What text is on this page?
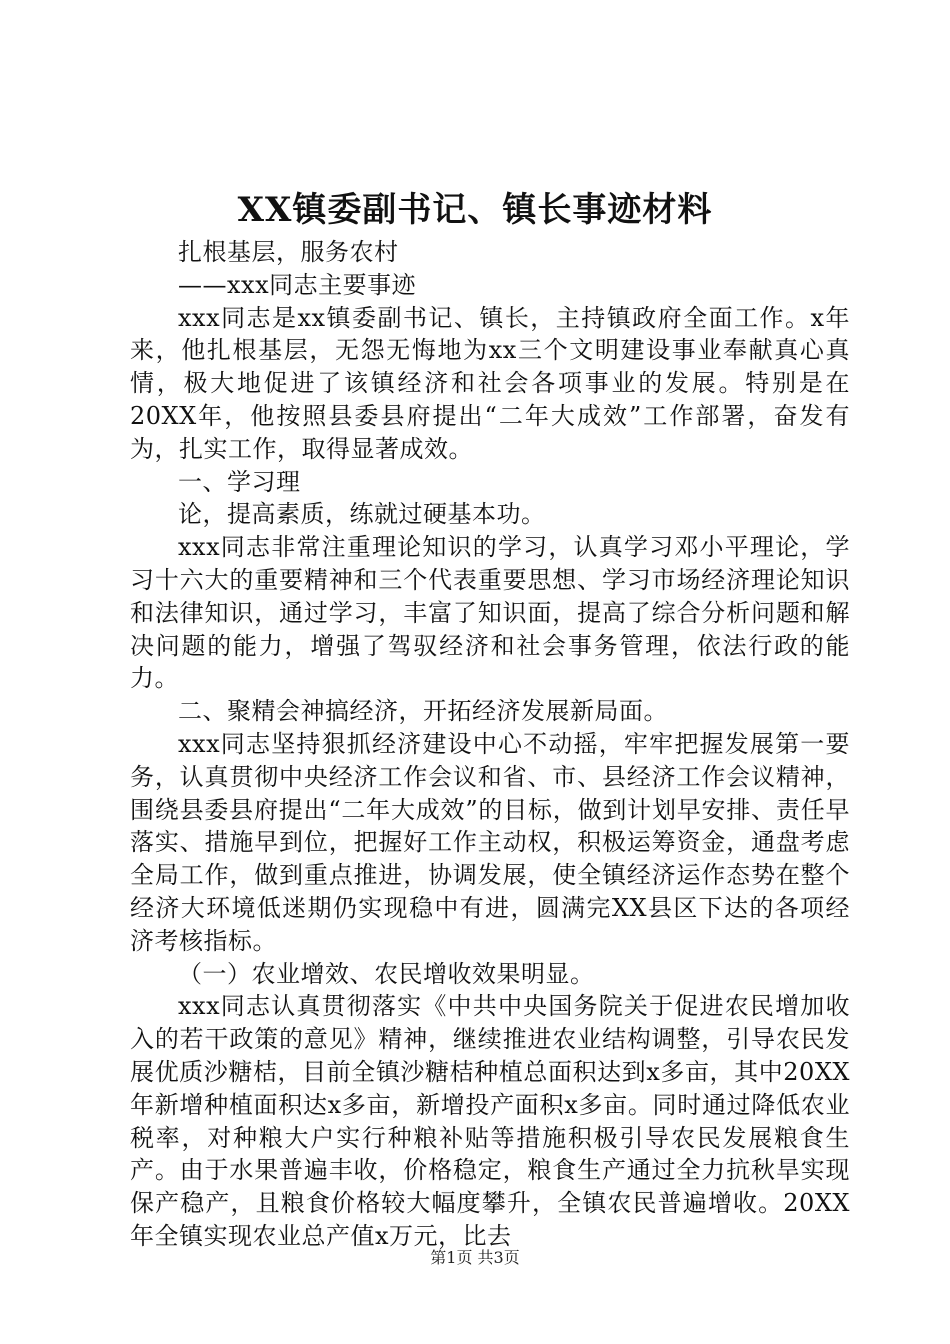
XX镇委副书记、镇长事迹材料

扎根基层，服务农村

——xxx同志主要事迹

xxx同志是xx镇委副书记、镇长，主持镇政府全面工作。x年来，他扎根基层，无怨无悔地为xx三个文明建设事业奉献真心真情，极大地促进了该镇经济和社会各项事业的发展。特别是在20XX年，他按照县委县府提出“二年大成效”工作部署，奋发有为，扎实工作，取得显著成效。

一、学习理

论，提高素质，练就过硬基本功。

xxx同志非常注重理论知识的学习，认真学习邓小平理论，学习十六大的重要精神和三个代表重要思想、学习市场经济理论知识和法律知识，通过学习，丰富了知识面，提高了综合分析问题和解决问题的能力，增强了驾驭经济和社会事务管理，依法行政的能力。

二、聚精会神搞经济，开拓经济发展新局面。

xxx同志坚持狠抓经济建设中心不动摇，牢牢把握发展第一要务，认真贯彻中央经济工作会议和省、市、县经济工作会议精神，围绕县委县府提出“二年大成效”的目标，做到计划早安排、责任早落实、措施早到位，把握好工作主动权，积极运筹资金，通盘考虑全局工作，做到重点推进，协调发展，使全镇经济运作态势在整个经济大环境低迷期仍实现稳中有进，圆满完XX县区下达的各项经济考核指标。

（一）农业增效、农民增收效果明显。

xxx同志认真贯彻落实《中共中央国务院关于促进农民增加收入的若干政策的意见》精神，继续推进农业结构调整，引导农民发展优质沙糖桔，目前全镇沙糖桔种植总面积达到x多亩，其中20XX年新增种植面积达x多亩，新增投产面积x多亩。同时通过降低农业税率，对种粮大户实行种粮补贴等措施积极引导农民发展粮食生产。由于水果普遍丰收，价格稳定，粮食生产通过全力抗秋旱实现保产稳产，且粮食价格较大幅度攀升，全镇农民普遍增收。20XX年全镇实现农业总产值x万元，比去

第1页 共3页
